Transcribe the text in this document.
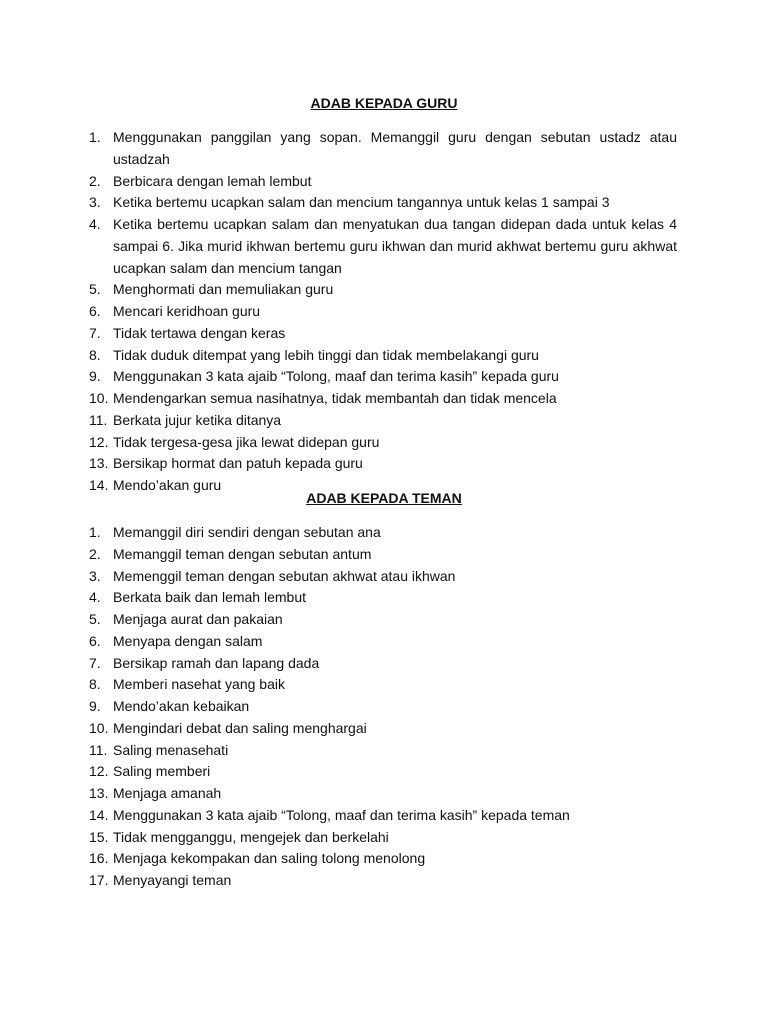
ADAB KEPADA GURU
1. Menggunakan panggilan yang sopan. Memanggil guru dengan sebutan ustadz atau ustadzah
2. Berbicara dengan lemah lembut
3. Ketika bertemu ucapkan salam dan mencium tangannya untuk kelas 1 sampai 3
4. Ketika bertemu ucapkan salam dan menyatukan dua tangan didepan dada untuk kelas 4 sampai 6. Jika murid ikhwan bertemu guru ikhwan dan murid akhwat bertemu guru akhwat ucapkan salam dan mencium tangan
5. Menghormati dan memuliakan guru
6. Mencari keridhoan guru
7. Tidak tertawa dengan keras
8. Tidak duduk ditempat yang lebih tinggi dan tidak membelakangi guru
9. Menggunakan 3 kata ajaib “Tolong, maaf dan terima kasih” kepada guru
10. Mendengarkan semua nasihatnya, tidak membantah dan tidak mencela
11. Berkata jujur ketika ditanya
12. Tidak tergesa-gesa jika lewat didepan guru
13. Bersikap hormat dan patuh kepada guru
14. Mendo’akan guru
ADAB KEPADA TEMAN
1. Memanggil diri sendiri dengan sebutan ana
2. Memanggil teman dengan sebutan antum
3. Memenggil teman dengan sebutan akhwat atau ikhwan
4. Berkata baik dan lemah lembut
5. Menjaga aurat dan pakaian
6. Menyapa dengan salam
7. Bersikap ramah dan lapang dada
8. Memberi nasehat yang baik
9. Mendo’akan kebaikan
10. Mengindari debat dan saling menghargai
11. Saling menasehati
12. Saling memberi
13. Menjaga amanah
14. Menggunakan 3 kata ajaib “Tolong, maaf dan terima kasih” kepada teman
15. Tidak mengganggu, mengejek dan berkelahi
16. Menjaga kekompakan dan saling tolong menolong
17. Menyayangi teman
